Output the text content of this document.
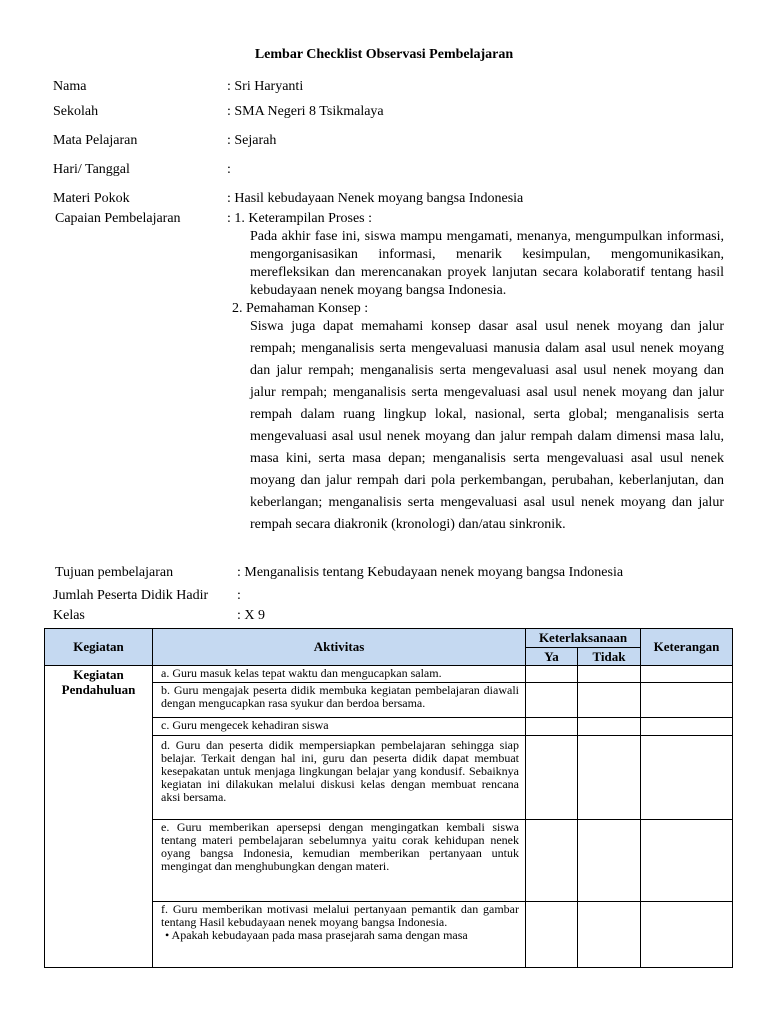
Lembar Checklist Observasi Pembelajaran
Nama	: Sri Haryanti
Sekolah	: SMA Negeri 8 Tsikmalaya
Mata Pelajaran	: Sejarah
Hari/ Tanggal	:
Materi Pokok	: Hasil kebudayaan Nenek moyang bangsa Indonesia
Capaian Pembelajaran	: 1. Keterampilan Proses :
Pada akhir fase ini, siswa mampu mengamati, menanya, mengumpulkan informasi, mengorganisasikan informasi, menarik kesimpulan, mengomunikasikan, merefleksikan dan merencanakan proyek lanjutan secara kolaboratif tentang hasil kebudayaan nenek moyang bangsa Indonesia.
2. Pemahaman Konsep :
Siswa juga dapat memahami konsep dasar asal usul nenek moyang dan jalur rempah; menganalisis serta mengevaluasi manusia dalam asal usul nenek moyang dan jalur rempah; menganalisis serta mengevaluasi asal usul nenek moyang dan jalur rempah; menganalisis serta mengevaluasi asal usul nenek moyang dan jalur rempah dalam ruang lingkup lokal, nasional, serta global; menganalisis serta mengevaluasi asal usul nenek moyang dan jalur rempah dalam dimensi masa lalu, masa kini, serta masa depan; menganalisis serta mengevaluasi asal usul nenek moyang dan jalur rempah dari pola perkembangan, perubahan, keberlanjutan, dan keberlangan; menganalisis serta mengevaluasi asal usul nenek moyang dan jalur rempah secara diakronik (kronologi) dan/atau sinkronik.
Tujuan pembelajaran	: Menganalisis tentang Kebudayaan nenek moyang bangsa Indonesia
Jumlah Peserta Didik Hadir :
Kelas	: X 9
Kegiatan	Aktivitas	Keterlaksanaan		Keterangan
		Ya	Tidak	
Kegiatan Pendahuluan	a. Guru masuk kelas tepat waktu dan mengucapkan salam.			
	b. Guru mengajak peserta didik membuka kegiatan pembelajaran diawali dengan mengucapkan rasa syukur dan berdoa bersama.			
	c. Guru mengecek kehadiran siswa			
	d. Guru dan peserta didik mempersiapkan pembelajaran sehingga siap belajar. Terkait dengan hal ini, guru dan peserta didik dapat membuat kesepakatan untuk menjaga lingkungan belajar yang kondusif. Sebaiknya kegiatan ini dilakukan melalui diskusi kelas dengan membuat rencana aksi bersama.			
	e. Guru memberikan apersepsi dengan mengingatkan kembali siswa tentang materi pembelajaran sebelumnya yaitu corak kehidupan nenek oyang bangsa Indonesia, kemudian memberikan pertanyaan untuk mengingat dan menghubungkan dengan materi.			
	f. Guru memberikan motivasi melalui pertanyaan pemantik dan gambar tentang Hasil kebudayaan nenek moyang bangsa Indonesia.
• Apakah kebudayaan pada masa prasejarah sama dengan masa			
